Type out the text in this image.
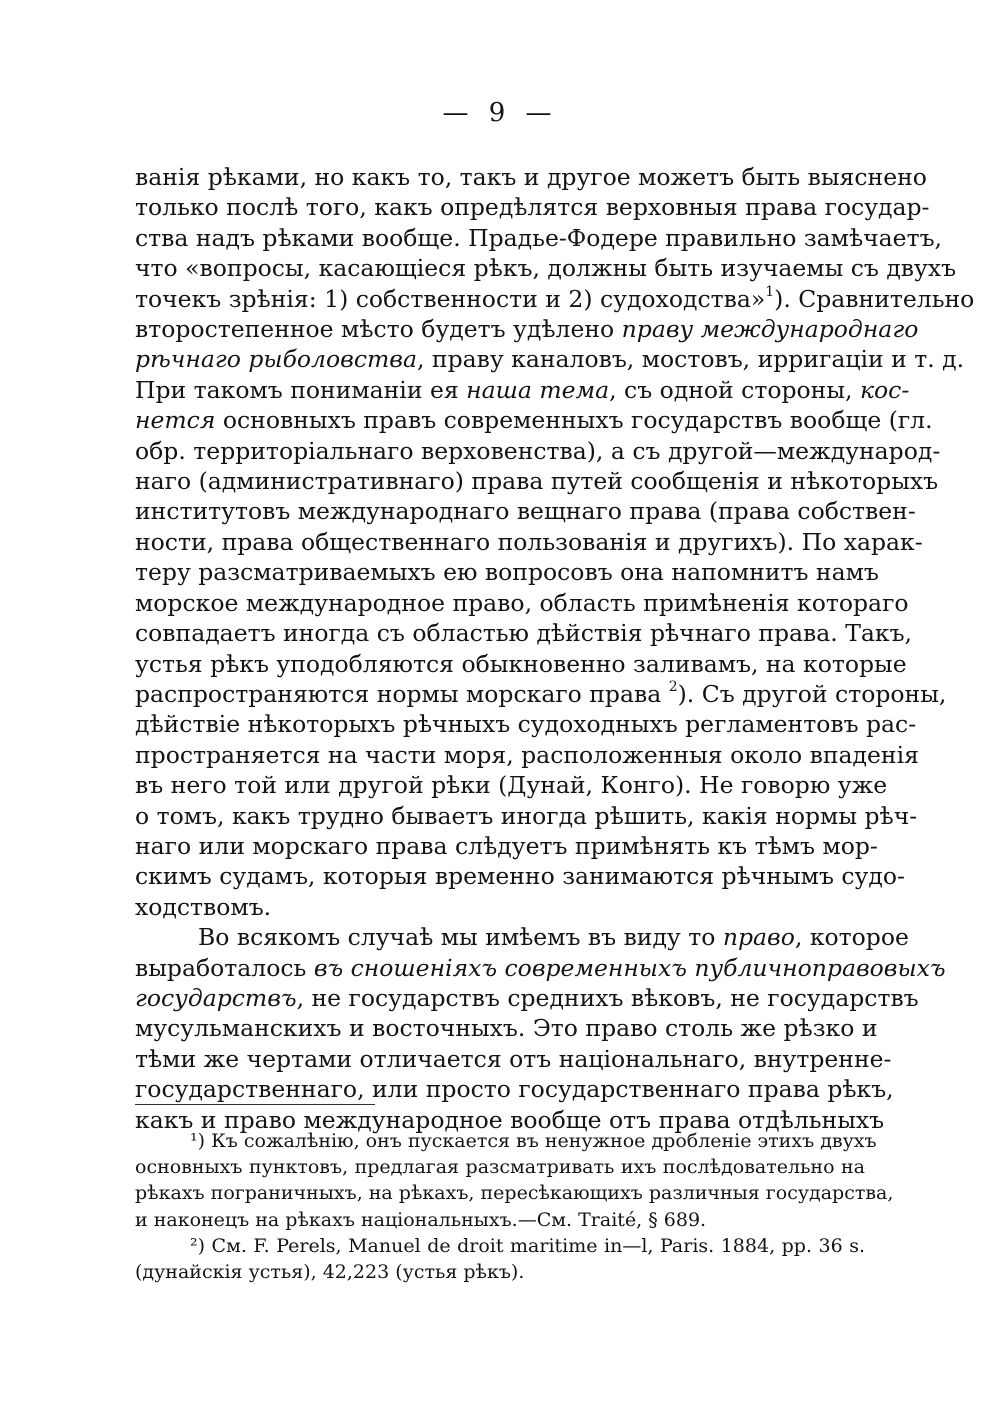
— 9 —
ванія рѣками, но какъ то, такъ и другое можетъ быть выяснено
только послѣ того, какъ опредѣлятся верховныя права государ-
ства надъ рѣками вообще. Прадье-Фодере правильно замѣчаетъ,
что «вопросы, касающіеся рѣкъ, должны быть изучаемы съ двухъ
точекъ зрѣнія: 1) собственности и 2) судоходства»$^1$). Сравнительно
второстепенное мѣсто будетъ удѣлено праву международнаго
рѣчнаго рыболовства, праву каналовъ, мостовъ, ирригаціи и т. д.
При такомъ пониманіи ея наша тема, съ одной стороны, кос-
нется основныхъ правъ современныхъ государствъ вообще (гл.
обр. территоріальнаго верховенства), а съ другой—международ-
наго (административнаго) права путей сообщенія и нѣкоторыхъ
институтовъ международнаго вещнаго права (права собствен-
ности, права общественнаго пользованія и другихъ). По харак-
теру разсматриваемыхъ ею вопросовъ она напомнитъ намъ
морское международное право, область примѣненія котораго
совпадаетъ иногда съ областью дѣйствія рѣчнаго права. Такъ,
устья рѣкъ уподобляются обыкновенно заливамъ, на которые
распространяются нормы морскаго права $^2$). Съ другой стороны,
дѣйствіе нѣкоторыхъ рѣчныхъ судоходныхъ регламентовъ рас-
пространяется на части моря, расположенныя около впаденія
въ него той или другой рѣки (Дунай, Конго). Не говорю уже
о томъ, какъ трудно бываетъ иногда рѣшить, какія нормы рѣч-
наго или морскаго права слѣдуетъ примѣнять къ тѣмъ мор-
скимъ судамъ, которыя временно занимаются рѣчнымъ судо-
ходствомъ.
Во всякомъ случаѣ мы имѣемъ въ виду то право, которое
выработалось въ сношеніяхъ современныхъ публичноправовыхъ
государствъ, не государствъ среднихъ вѣковъ, не государствъ
мусульманскихъ и восточныхъ. Это право столь же рѣзко и
тѣми же чертами отличается отъ національнаго, внутренне-
государственнаго, или просто государственнаго права рѣкъ,
какъ и право международное вообще отъ права отдѣльныхъ
¹) Къ сожалѣнію, онъ пускается въ ненужное дробленіе этихъ двухъ
основныхъ пунктовъ, предлагая разсматривать ихъ послѣдовательно на
рѣкахъ пограничныхъ, на рѣкахъ, пересѣкающихъ различныя государства,
и наконецъ на рѣкахъ національныхъ.—См. Traité, § 689.
²) См. F. Perels, Manuel de droit maritime in—l, Paris. 1884, pp. 36 s.
(дунайскія устья), 42,223 (устья рѣкъ).
